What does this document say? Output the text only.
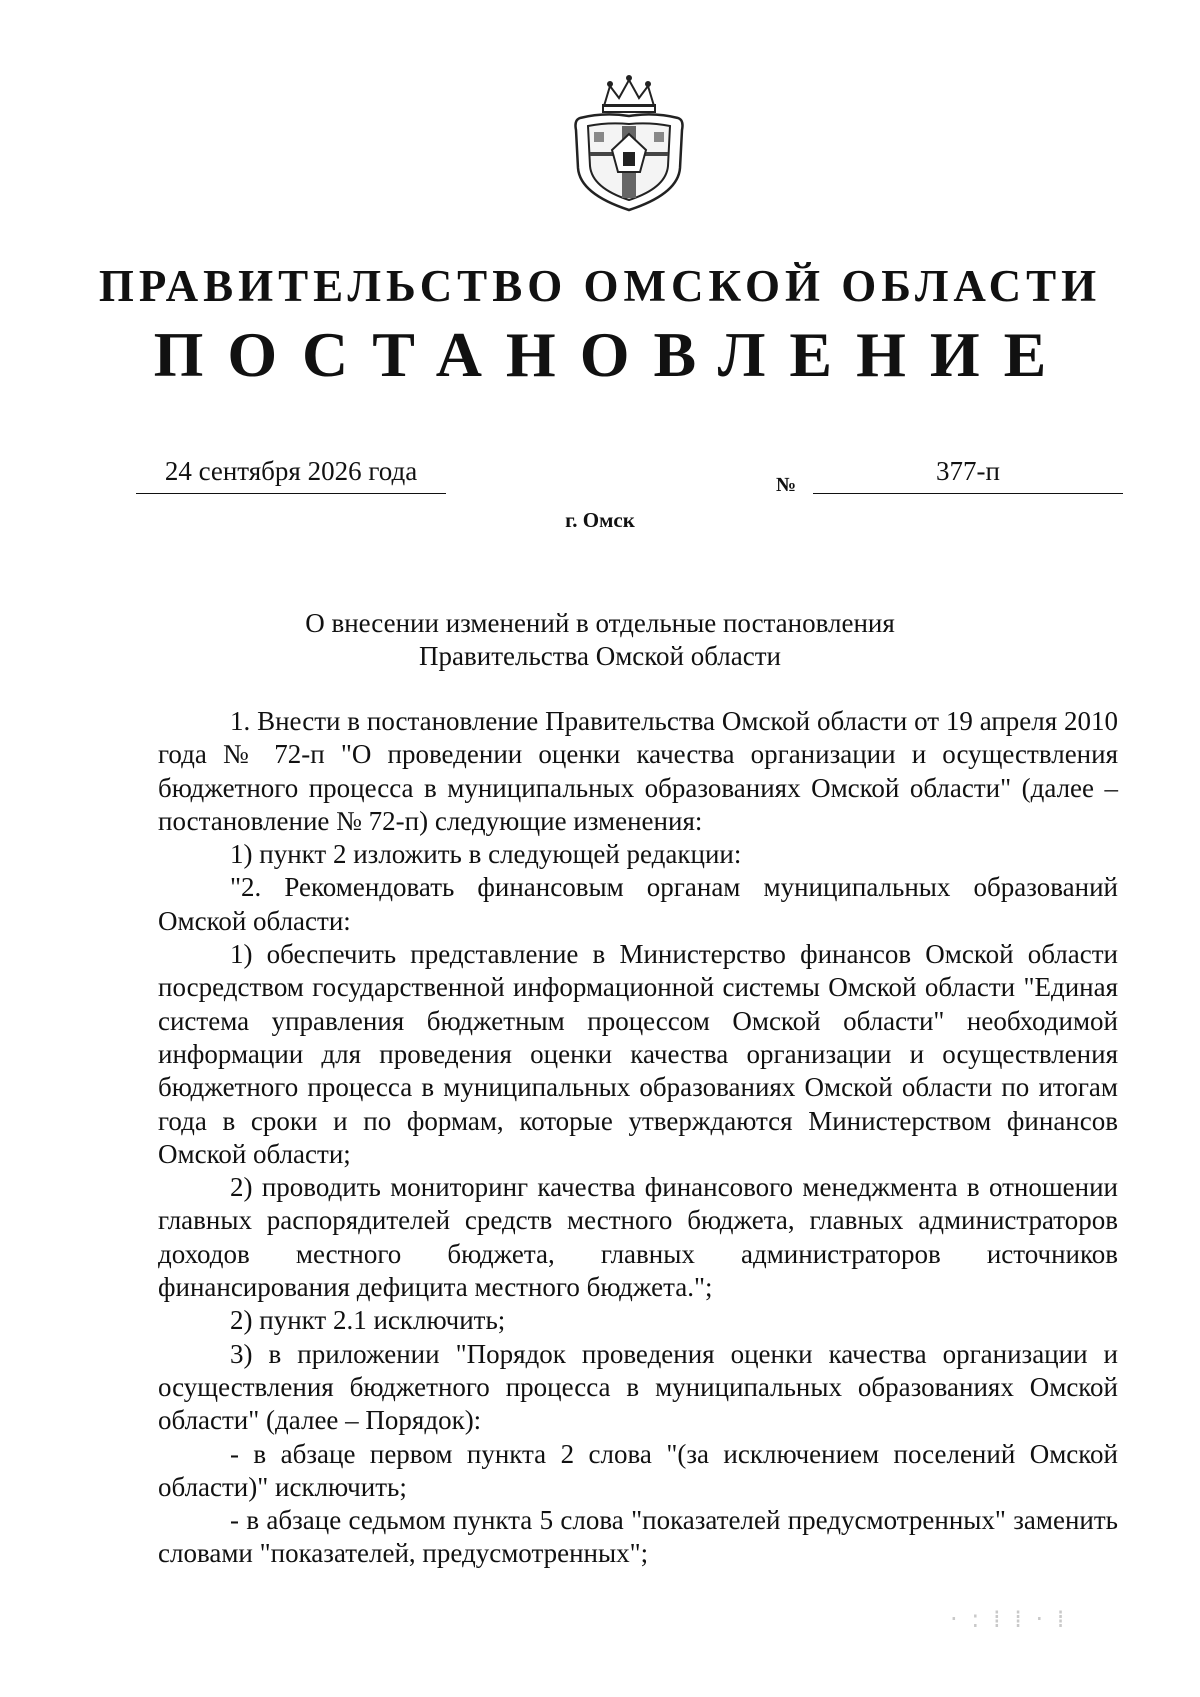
ПРАВИТЕЛЬСТВО ОМСКОЙ ОБЛАСТИ
ПОСТАНОВЛЕНИЕ
24 сентября 2026 года	№	377-п
г. Омск
О внесении изменений в отдельные постановления
Правительства Омской области

1. Внести в постановление Правительства Омской области от 19 апреля 2010 года № 72-п "О проведении оценки качества организации и осуществления бюджетного процесса в муниципальных образованиях Омской области" (далее – постановление № 72-п) следующие изменения:

1) пункт 2 изложить в следующей редакции:

"2. Рекомендовать финансовым органам муниципальных образований Омской области:

1) обеспечить представление в Министерство финансов Омской области посредством государственной информационной системы Омской области "Единая система управления бюджетным процессом Омской области" необходимой информации для проведения оценки качества организации и осуществления бюджетного процесса в муниципальных образованиях Омской области по итогам года в сроки и по формам, которые утверждаются Министерством финансов Омской области;

2) проводить мониторинг качества финансового менеджмента в отношении главных распорядителей средств местного бюджета, главных администраторов доходов местного бюджета, главных администраторов источников финансирования дефицита местного бюджета.";

2) пункт 2.1 исключить;

3) в приложении "Порядок проведения оценки качества организации и осуществления бюджетного процесса в муниципальных образованиях Омской области" (далее – Порядок):

- в абзаце первом пункта 2 слова "(за исключением поселений Омской области)" исключить;

- в абзаце седьмом пункта 5 слова "показателей предусмотренных" заменить словами "показателей, предусмотренных";

· : ⁞ ⁞ · ⁞
